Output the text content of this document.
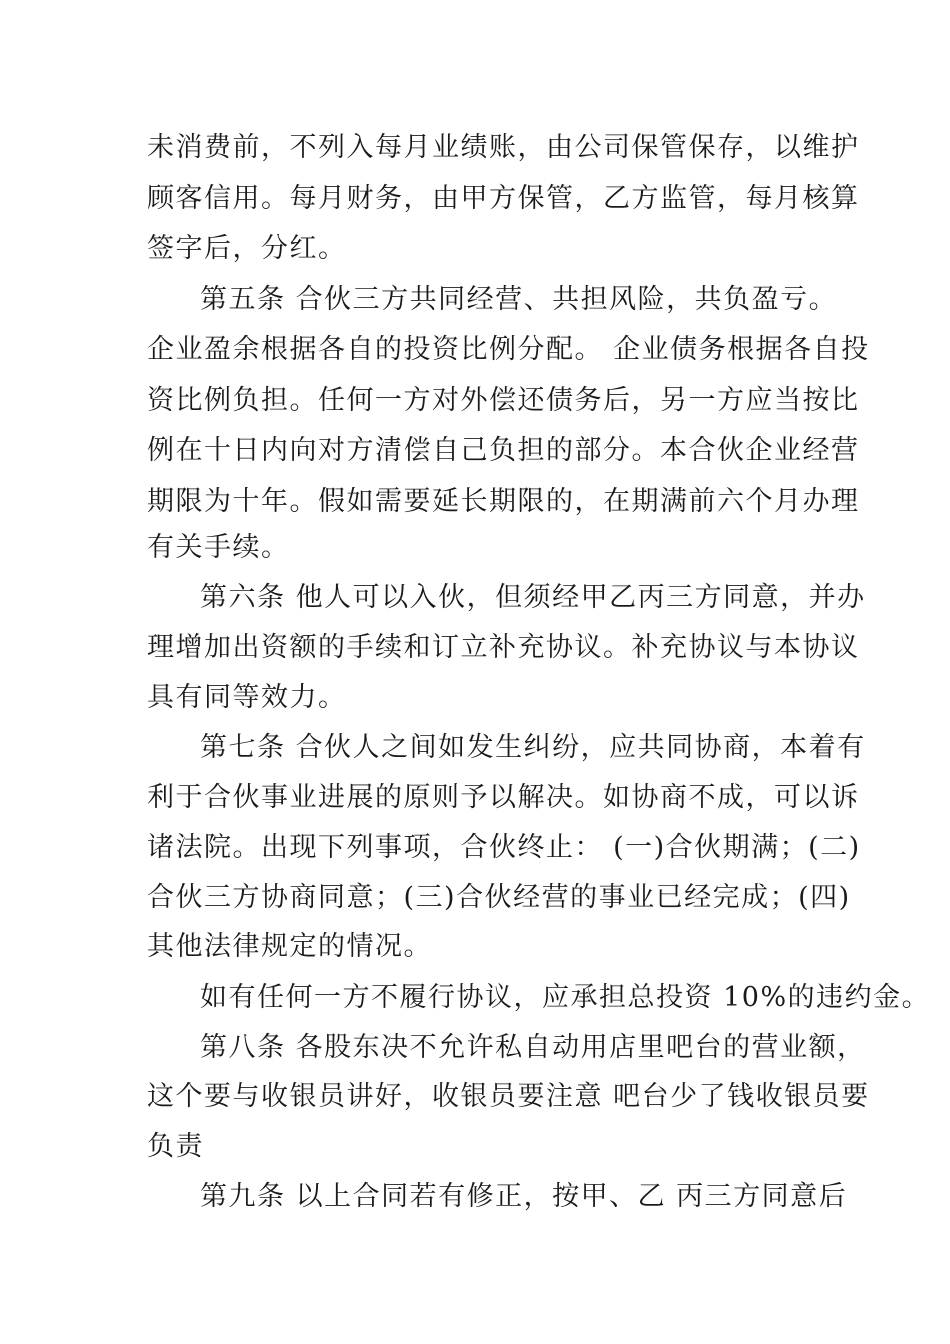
未消费前，不列入每月业绩账，由公司保管保存，以维护

顾客信用。每月财务，由甲方保管，乙方监管，每月核算

签字后，分红。

第五条 合伙三方共同经营、共担风险，共负盈亏。

企业盈余根据各自的投资比例分配。 企业债务根据各自投

资比例负担。任何一方对外偿还债务后，另一方应当按比

例在十日内向对方清偿自己负担的部分。本合伙企业经营

期限为十年。假如需要延长期限的，在期满前六个月办理

有关手续。

第六条 他人可以入伙，但须经甲乙丙三方同意，并办

理增加出资额的手续和订立补充协议。补充协议与本协议

具有同等效力。

第七条 合伙人之间如发生纠纷，应共同协商，本着有

利于合伙事业进展的原则予以解决。如协商不成，可以诉

诸法院。出现下列事项，合伙终止： (一)合伙期满；(二)

合伙三方协商同意；(三)合伙经营的事业已经完成；(四)

其他法律规定的情况。

如有任何一方不履行协议，应承担总投资 10%的违约金。

第八条 各股东决不允许私自动用店里吧台的营业额，

这个要与收银员讲好，收银员要注意 吧台少了钱收银员要

负责

第九条 以上合同若有修正，按甲、乙 丙三方同意后
